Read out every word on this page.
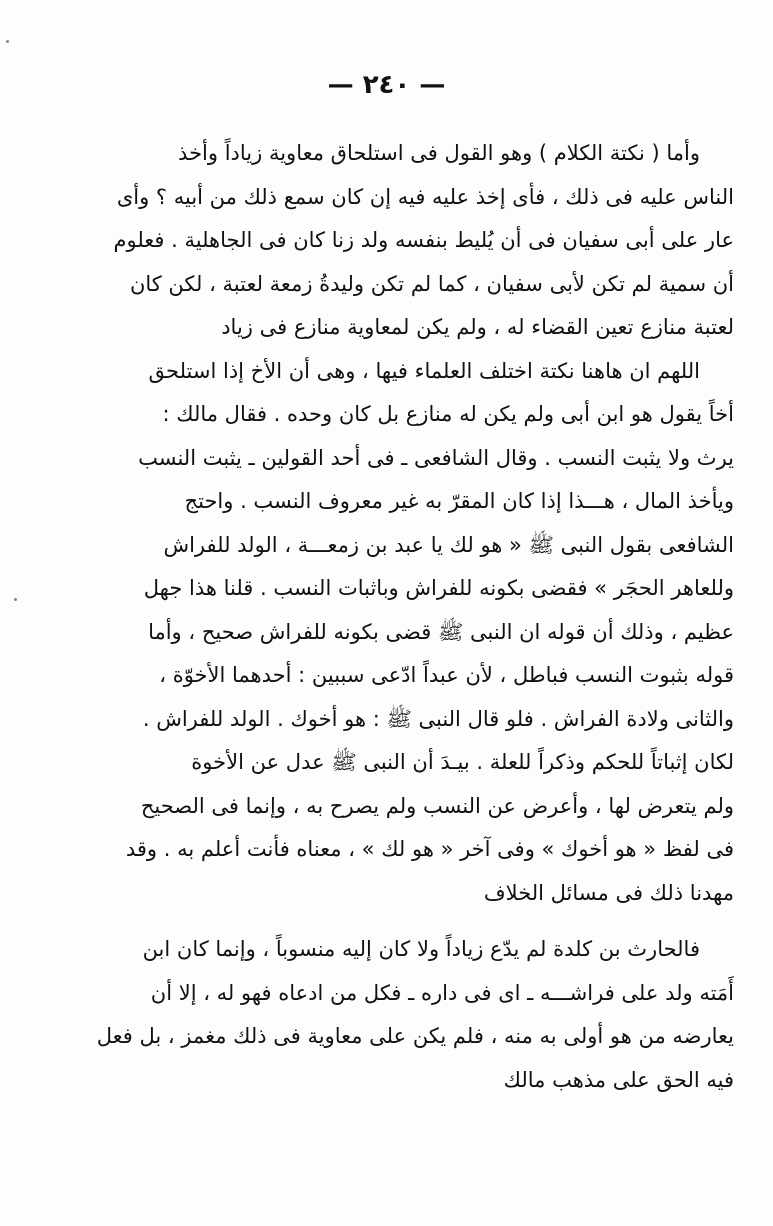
— ٢٤٠ —

وأما ( نكتة الكلام ) وهو القول فى استلحاق معاوية زياداً وأخذ
الناس عليه فى ذلك ، فأى إخذ عليه فيه إن كان سمع ذلك من أبيه ؟ وأى
عار على أبى سفيان فى أن يُليط بنفسه ولد زنا كان فى الجاهلية . فعلوم
أن سمية لم تكن لأبى سفيان ، كما لم تكن وليدةُ زمعة لعتبة ، لكن كان
لعتبة منازع تعين القضاء له ، ولم يكن لمعاوية منازع فى زياد
اللهم ان هاهنا نكتة اختلف العلماء فيها ، وهى أن الأخ إذا استلحق
أخاً يقول هو ابن أبى ولم يكن له منازع بل كان وحده . فقال مالك :
يرث ولا يثبت النسب . وقال الشافعى ـ فى أحد القولين ـ يثبت النسب
ويأخذ المال ، هـــذا إذا كان المقرّ به غير معروف النسب . واحتج
الشافعى بقول النبى ﷺ « هو لك يا عبد بن زمعـــة ، الولد للفراش
وللعاهر الحجَر » فقضى بكونه للفراش وباثبات النسب . قلنا هذا جهل
عظيم ، وذلك أن قوله ان النبى ﷺ قضى بكونه للفراش صحيح ، وأما
قوله بثبوت النسب فباطل ، لأن عبداً ادّعى سببين : أحدهما الأخوّة ،
والثانى ولادة الفراش . فلو قال النبى ﷺ : هو أخوك . الولد للفراش .
لكان إثباتاً للحكم وذكراً للعلة . بيـدَ أن النبى ﷺ عدل عن الأخوة
ولم يتعرض لها ، وأعرض عن النسب ولم يصرح به ، وإنما فى الصحيح
فى لفظ « هو أخوك » وفى آخر « هو لك » ، معناه فأنت أعلم به . وقد
مهدنا ذلك فى مسائل الخلاف

فالحارث بن كلدة لم يدّع زياداً ولا كان إليه منسوباً ، وإنما كان ابن
أَمَته ولد على فراشـــه ـ اى فى داره ـ فكل من ادعاه فهو له ، إلا أن
يعارضه من هو أولى به منه ، فلم يكن على معاوية فى ذلك مغمز ، بل فعل
فيه الحق على مذهب مالك
